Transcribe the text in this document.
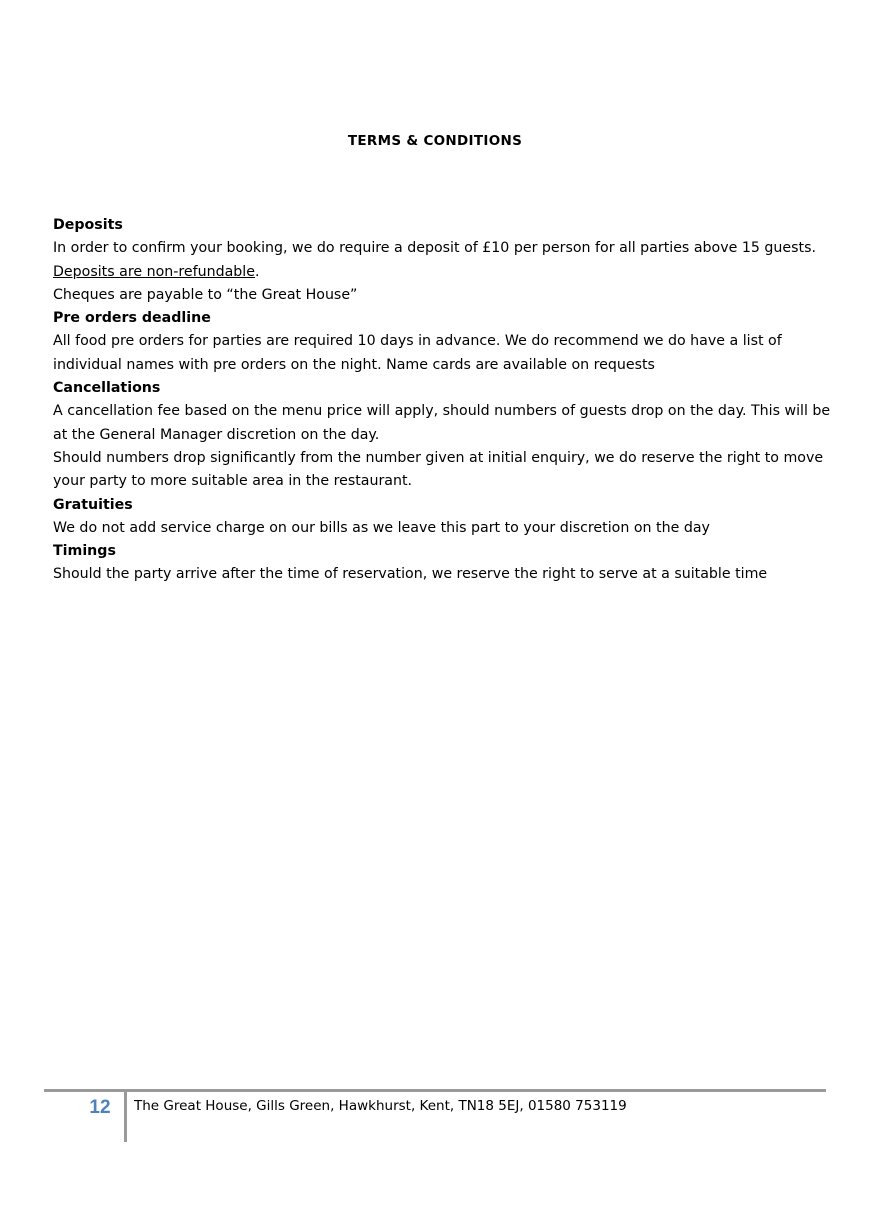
TERMS & CONDITIONS

Deposits

In order to confirm your booking, we do require a deposit of £10 per person for all parties above 15 guests.

Deposits are non-refundable.

Cheques are payable to “the Great House”

Pre orders deadline

All food pre orders for parties are required 10 days in advance. We do recommend we do have a list of individual names with pre orders on the night. Name cards are available on requests

Cancellations

A cancellation fee based on the menu price will apply, should numbers of guests drop on the day. This will be at the General Manager discretion on the day.

Should numbers drop significantly from the number given at initial enquiry, we do reserve the right to move your party to more suitable area in the restaurant.

Gratuities

We do not add service charge on our bills as we leave this part to your discretion on the day

Timings

Should the party arrive after the time of reservation, we reserve the right to serve at a suitable time

12	The Great House, Gills Green, Hawkhurst, Kent, TN18 5EJ, 01580 753119
